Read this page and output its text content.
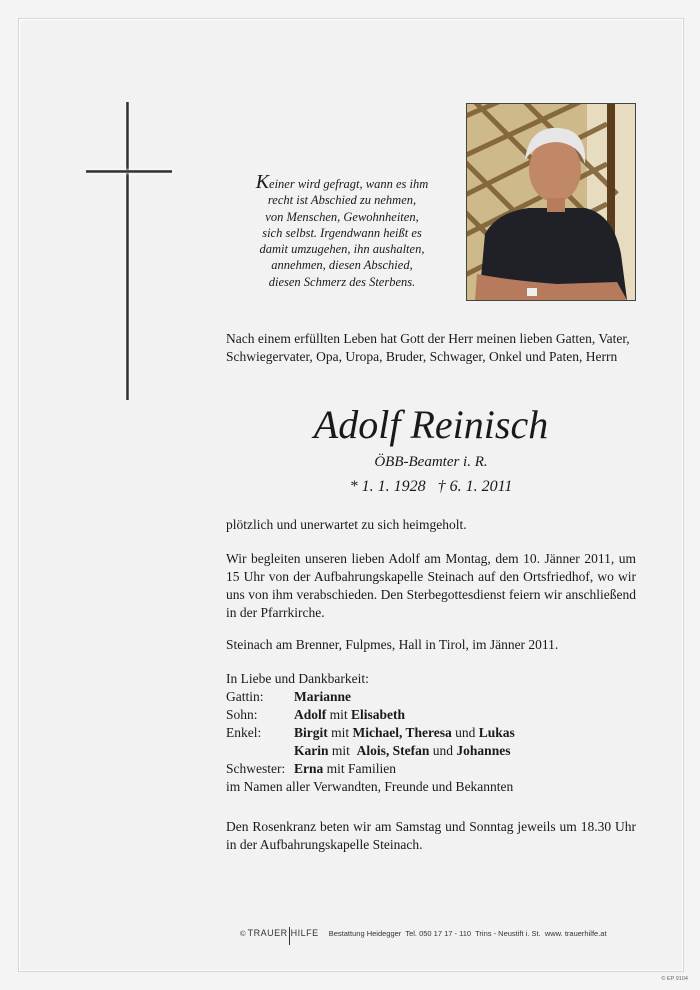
Keiner wird gefragt, wann es ihm
recht ist Abschied zu nehmen,
von Menschen, Gewohnheiten,
sich selbst. Irgendwann heißt es
damit umzugehen, ihn aushalten,
annehmen, diesen Abschied,
diesen Schmerz des Sterbens.
Nach einem erfüllten Leben hat Gott der Herr meinen lieben Gatten, Vater, Schwiegervater, Opa, Uropa, Bruder, Schwager, Onkel und Paten, Herrn
Adolf Reinisch
ÖBB-Beamter i. R.
* 1. 1. 1928   † 6. 1. 2011
plötzlich und unerwartet zu sich heimgeholt.
Wir begleiten unseren lieben Adolf am Montag, dem 10. Jänner 2011, um 15 Uhr von der Aufbahrungskapelle Steinach auf den Ortsfriedhof, wo wir uns von ihm verabschieden. Den Sterbegottesdienst feiern wir anschließend in der Pfarrkirche.
Steinach am Brenner, Fulpmes, Hall in Tirol, im Jänner 2011.
In Liebe und Dankbarkeit:
Gattin:	Marianne
Sohn:	Adolf mit Elisabeth
Enkel:	Birgit mit Michael, Theresa und Lukas
Karin mit Alois, Stefan und Johannes
Schwester: Erna mit Familien
im Namen aller Verwandten, Freunde und Bekannten
Den Rosenkranz beten wir am Samstag und Sonntag jeweils um 18.30 Uhr in der Aufbahrungskapelle Steinach.
© TRAUER HILFE Bestattung Heidegger  Tel. 050 17 17 - 110  Trins - Neustift i. St.  www. trauerhilfe.at
© EP 9104
